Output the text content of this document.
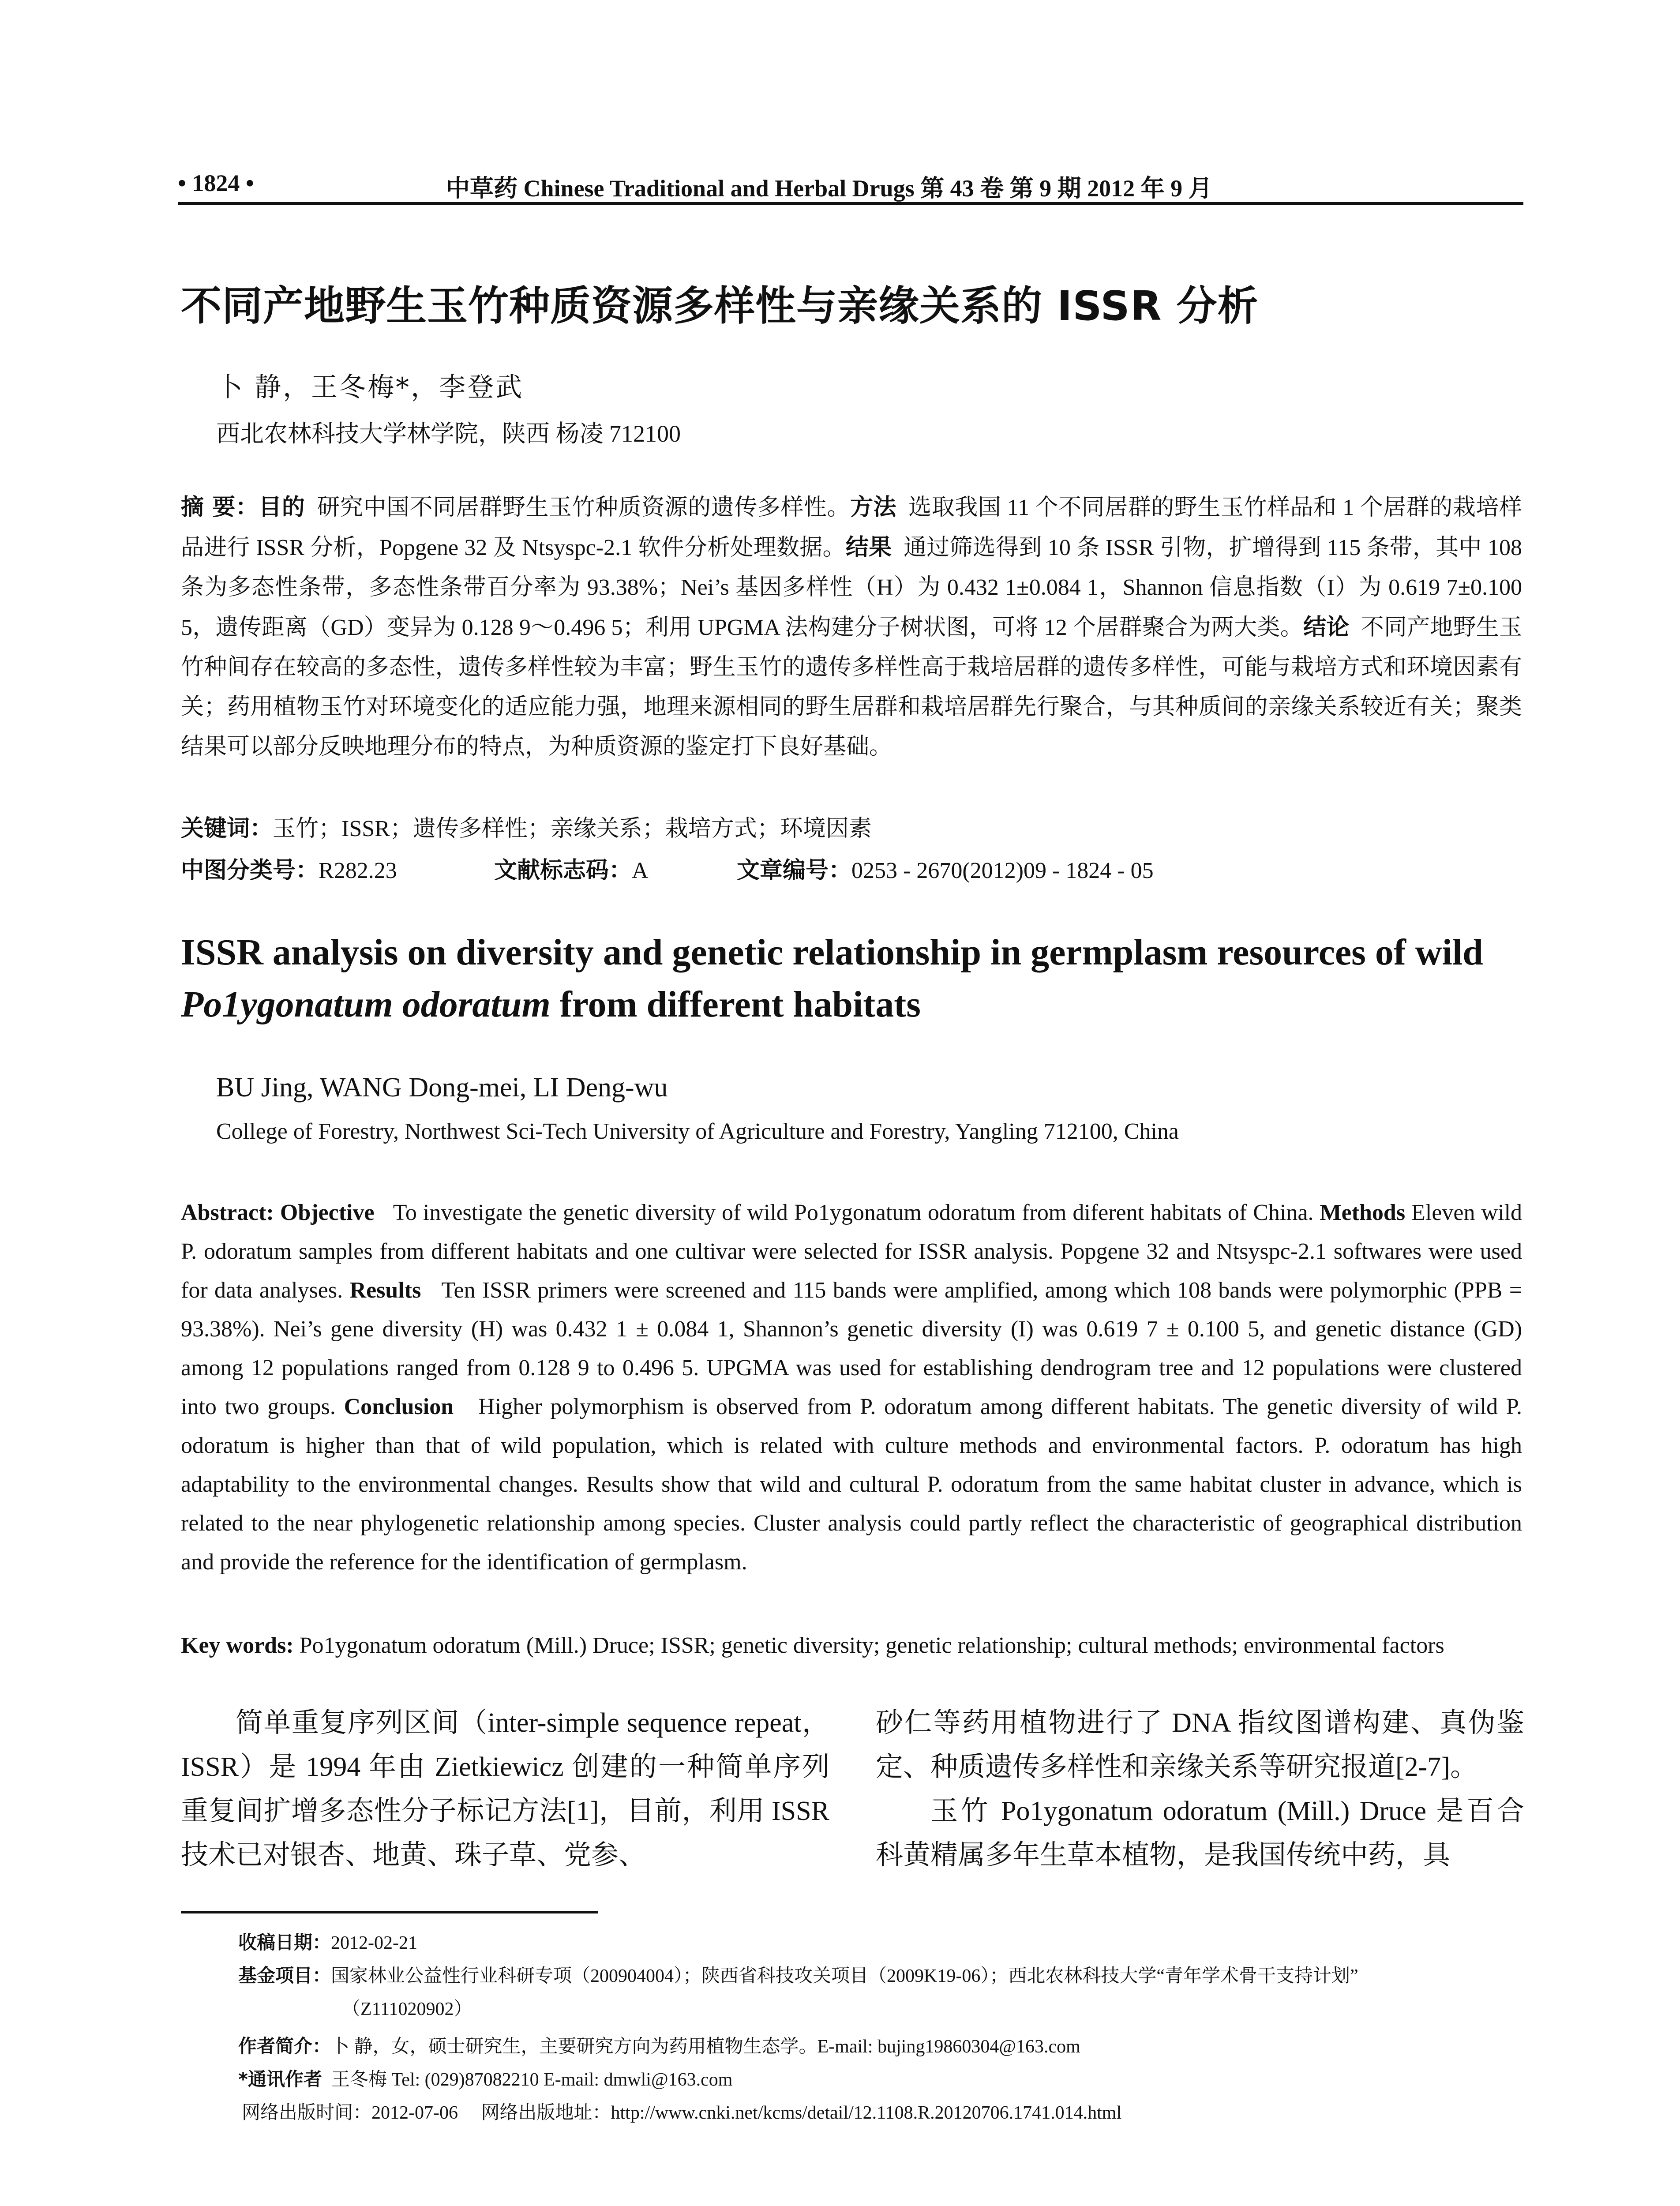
• 1824 •	中草药 Chinese Traditional and Herbal Drugs 第 43 卷 第 9 期 2012 年 9 月
不同产地野生玉竹种质资源多样性与亲缘关系的 ISSR 分析
卜 静，王冬梅*，李登武
西北农林科技大学林学院，陕西 杨凌 712100
摘 要：目的 研究中国不同居群野生玉竹种质资源的遗传多样性。方法 选取我国 11 个不同居群的野生玉竹样品和 1 个居群的栽培样品进行 ISSR 分析，Popgene 32 及 Ntsyspc-2.1 软件分析处理数据。结果 通过筛选得到 10 条 ISSR 引物，扩增得到 115 条带，其中 108 条为多态性条带，多态性条带百分率为 93.38%；Nei’s 基因多样性（H）为 0.432 1±0.084 1，Shannon 信息指数（I）为 0.619 7±0.100 5，遗传距离（GD）变异为 0.128 9～0.496 5；利用 UPGMA 法构建分子树状图，可将 12 个居群聚合为两大类。结论 不同产地野生玉竹种间存在较高的多态性，遗传多样性较为丰富；野生玉竹的遗传多样性高于栽培居群的遗传多样性，可能与栽培方式和环境因素有关；药用植物玉竹对环境变化的适应能力强，地理来源相同的野生居群和栽培居群先行聚合，与其种质间的亲缘关系较近有关；聚类结果可以部分反映地理分布的特点，为种质资源的鉴定打下良好基础。
关键词：玉竹；ISSR；遗传多样性；亲缘关系；栽培方式；环境因素
中图分类号：R282.23	文献标志码：A	文章编号：0253 - 2670(2012)09 - 1824 - 05
ISSR analysis on diversity and genetic relationship in germplasm resources of wild
Po1ygonatum odoratum from different habitats
BU Jing, WANG Dong-mei, LI Deng-wu
College of Forestry, Northwest Sci-Tech University of Agriculture and Forestry, Yangling 712100, China
Abstract: Objective To investigate the genetic diversity of wild Po1ygonatum odoratum from diferent habitats of China. Methods Eleven wild P. odoratum samples from different habitats and one cultivar were selected for ISSR analysis. Popgene 32 and Ntsyspc-2.1 softwares were used for data analyses. Results Ten ISSR primers were screened and 115 bands were amplified, among which 108 bands were polymorphic (PPB = 93.38%). Nei’s gene diversity (H) was 0.432 1 ± 0.084 1, Shannon’s genetic diversity (I) was 0.619 7 ± 0.100 5, and genetic distance (GD) among 12 populations ranged from 0.128 9 to 0.496 5. UPGMA was used for establishing dendrogram tree and 12 populations were clustered into two groups. Conclusion Higher polymorphism is observed from P. odoratum among different habitats. The genetic diversity of wild P. odoratum is higher than that of wild population, which is related with culture methods and environmental factors. P. odoratum has high adaptability to the environmental changes. Results show that wild and cultural P. odoratum from the same habitat cluster in advance, which is related to the near phylogenetic relationship among species. Cluster analysis could partly reflect the characteristic of geographical distribution and provide the reference for the identification of germplasm.
Key words: Po1ygonatum odoratum (Mill.) Druce; ISSR; genetic diversity; genetic relationship; cultural methods; environmental factors
简单重复序列区间（inter-simple sequence repeat，ISSR）是 1994 年由 Zietkiewicz 创建的一种简单序列重复间扩增多态性分子标记方法[1]，目前，利用 ISSR 技术已对银杏、地黄、珠子草、党参、
砂仁等药用植物进行了 DNA 指纹图谱构建、真伪鉴定、种质遗传多样性和亲缘关系等研究报道[2-7]。
玉竹 Po1ygonatum odoratum (Mill.) Druce 是百合科黄精属多年生草本植物，是我国传统中药，具
收稿日期：2012-02-21
基金项目：国家林业公益性行业科研专项（200904004）；陕西省科技攻关项目（2009K19-06）；西北农林科技大学“青年学术骨干支持计划”
（Z111020902）
作者简介：卜 静，女，硕士研究生，主要研究方向为药用植物生态学。E-mail: bujing19860304@163.com
*通讯作者 王冬梅 Tel: (029)87082210 E-mail: dmwli@163.com
网络出版时间：2012-07-06 网络出版地址：http://www.cnki.net/kcms/detail/12.1108.R.20120706.1741.014.html
